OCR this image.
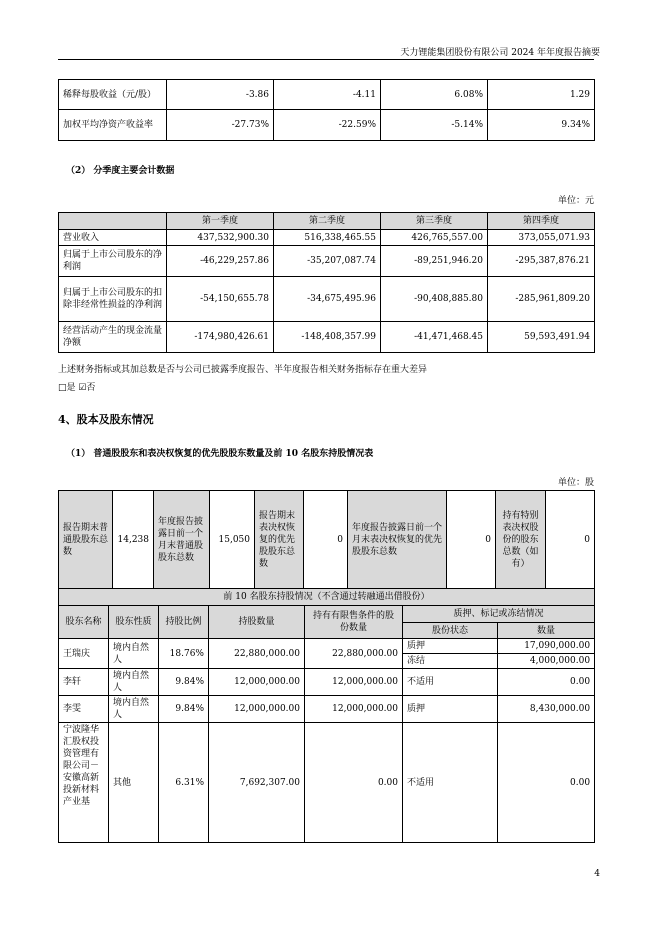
天力锂能集团股份有限公司 2024 年年度报告摘要
稀释每股收益（元/股）	-3.86	-4.11	6.08%	1.29
加权平均净资产收益率	-27.73%	-22.59%	-5.14%	9.34%
（2） 分季度主要会计数据
单位：元
	第一季度	第二季度	第三季度	第四季度
营业收入	437,532,900.30	516,338,465.55	426,765,557.00	373,055,071.93
归属于上市公司股东的净利润	-46,229,257.86	-35,207,087.74	-89,251,946.20	-295,387,876.21
归属于上市公司股东的扣除非经常性损益的净利润	-54,150,655.78	-34,675,495.96	-90,408,885.80	-285,961,809.20
经营活动产生的现金流量净额	-174,980,426.61	-148,408,357.99	-41,471,468.45	59,593,491.94
上述财务指标或其加总数是否与公司已披露季度报告、半年度报告相关财务指标存在重大差异
□是 ☑否
4、股本及股东情况
（1） 普通股股东和表决权恢复的优先股股东数量及前 10 名股东持股情况表
单位：股
报告期末普通股股东总数	14,238	年度报告披露日前一个月末普通股股东总数	15,050	报告期末表决权恢复的优先股股东总数	0	年度报告披露日前一个月末表决权恢复的优先股股东总数	0	持有特别表决权股份的股东总数（如有）	0
前 10 名股东持股情况（不含通过转融通出借股份）						
股东名称	股东性质	持股比例	持股数量	持有有限售条件的股份数量	质押、标记或冻结情况	
					股份状态	数量
王瑞庆	境内自然人	18.76%	22,880,000.00	22,880,000.00	质押	17,090,000.00
					冻结	4,000,000.00
李轩	境内自然人	9.84%	12,000,000.00	12,000,000.00	不适用	0.00
李雯	境内自然人	9.84%	12,000,000.00	12,000,000.00	质押	8,430,000.00
宁波隆华汇股权投资管理有限公司－安徽高新投新材料产业基	其他	6.31%	7,692,307.00	0.00	不适用	0.00
4
